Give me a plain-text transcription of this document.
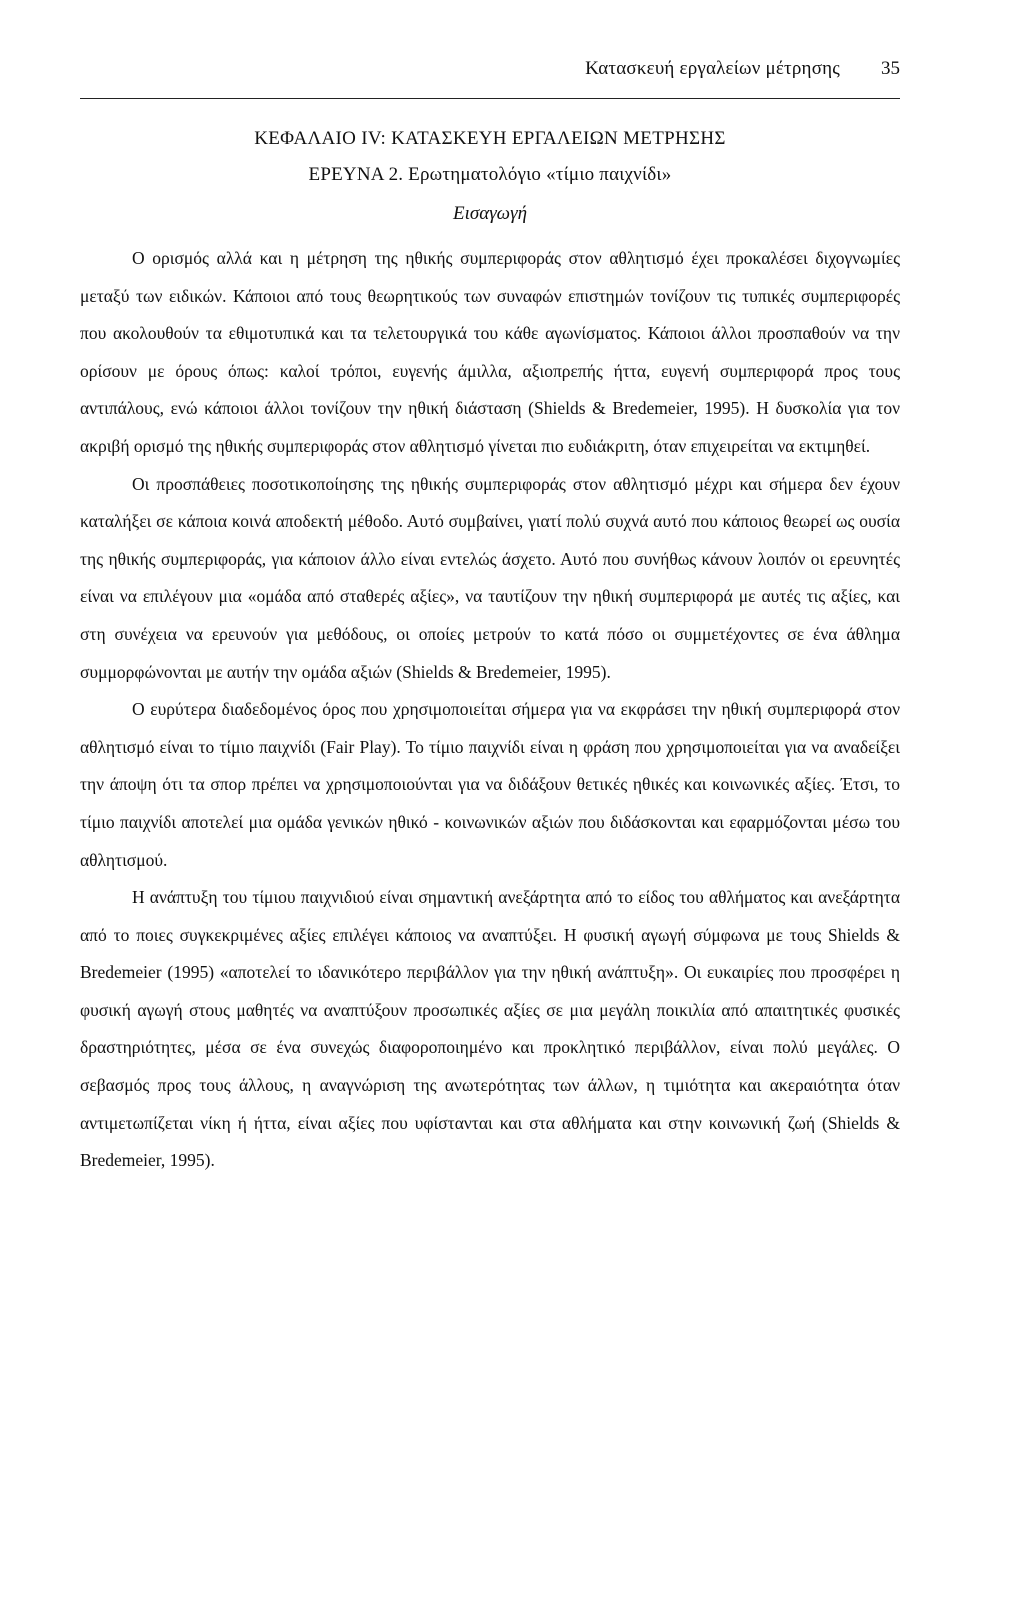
Κατασκευή εργαλείων μέτρησης 35
ΚΕΦΑΛΑΙΟ IV: ΚΑΤΑΣΚΕΥΗ ΕΡΓΑΛΕΙΩΝ ΜΕΤΡΗΣΗΣ
ΕΡΕΥΝΑ 2. Ερωτηματολόγιο «τίμιο παιχνίδι»
Εισαγωγή

Ο ορισμός αλλά και η μέτρηση της ηθικής συμπεριφοράς στον αθλητισμό έχει προκαλέσει διχογνωμίες μεταξύ των ειδικών. Κάποιοι από τους θεωρητικούς των συναφών επιστημών τονίζουν τις τυπικές συμπεριφορές που ακολουθούν τα εθιμοτυπικά και τα τελετουργικά του κάθε αγωνίσματος. Κάποιοι άλλοι προσπαθούν να την ορίσουν με όρους όπως: καλοί τρόποι, ευγενής άμιλλα, αξιοπρεπής ήττα, ευγενή συμπεριφορά προς τους αντιπάλους, ενώ κάποιοι άλλοι τονίζουν την ηθική διάσταση (Shields & Bredemeier, 1995). Η δυσκολία για τον ακριβή ορισμό της ηθικής συμπεριφοράς στον αθλητισμό γίνεται πιο ευδιάκριτη, όταν επιχειρείται να εκτιμηθεί.

Οι προσπάθειες ποσοτικοποίησης της ηθικής συμπεριφοράς στον αθλητισμό μέχρι και σήμερα δεν έχουν καταλήξει σε κάποια κοινά αποδεκτή μέθοδο. Αυτό συμβαίνει, γιατί πολύ συχνά αυτό που κάποιος θεωρεί ως ουσία της ηθικής συμπεριφοράς, για κάποιον άλλο είναι εντελώς άσχετο. Αυτό που συνήθως κάνουν λοιπόν οι ερευνητές είναι να επιλέγουν μια «ομάδα από σταθερές αξίες», να ταυτίζουν την ηθική συμπεριφορά με αυτές τις αξίες, και στη συνέχεια να ερευνούν για μεθόδους, οι οποίες μετρούν το κατά πόσο οι συμμετέχοντες σε ένα άθλημα συμμορφώνονται με αυτήν την ομάδα αξιών (Shields & Bredemeier, 1995).

Ο ευρύτερα διαδεδομένος όρος που χρησιμοποιείται σήμερα για να εκφράσει την ηθική συμπεριφορά στον αθλητισμό είναι το τίμιο παιχνίδι (Fair Play). Το τίμιο παιχνίδι είναι η φράση που χρησιμοποιείται για να αναδείξει την άποψη ότι τα σπορ πρέπει να χρησιμοποιούνται για να διδάξουν θετικές ηθικές και κοινωνικές αξίες. Έτσι, το τίμιο παιχνίδι αποτελεί μια ομάδα γενικών ηθικό - κοινωνικών αξιών που διδάσκονται και εφαρμόζονται μέσω του αθλητισμού.

Η ανάπτυξη του τίμιου παιχνιδιού είναι σημαντική ανεξάρτητα από το είδος του αθλήματος και ανεξάρτητα από το ποιες συγκεκριμένες αξίες επιλέγει κάποιος να αναπτύξει. Η φυσική αγωγή σύμφωνα με τους Shields & Bredemeier (1995) «αποτελεί το ιδανικότερο περιβάλλον για την ηθική ανάπτυξη». Οι ευκαιρίες που προσφέρει η φυσική αγωγή στους μαθητές να αναπτύξουν προσωπικές αξίες σε μια μεγάλη ποικιλία από απαιτητικές φυσικές δραστηριότητες, μέσα σε ένα συνεχώς διαφοροποιημένο και προκλητικό περιβάλλον, είναι πολύ μεγάλες. Ο σεβασμός προς τους άλλους, η αναγνώριση της ανωτερότητας των άλλων, η τιμιότητα και ακεραιότητα όταν αντιμετωπίζεται νίκη ή ήττα, είναι αξίες που υφίστανται και στα αθλήματα και στην κοινωνική ζωή (Shields & Bredemeier, 1995).
